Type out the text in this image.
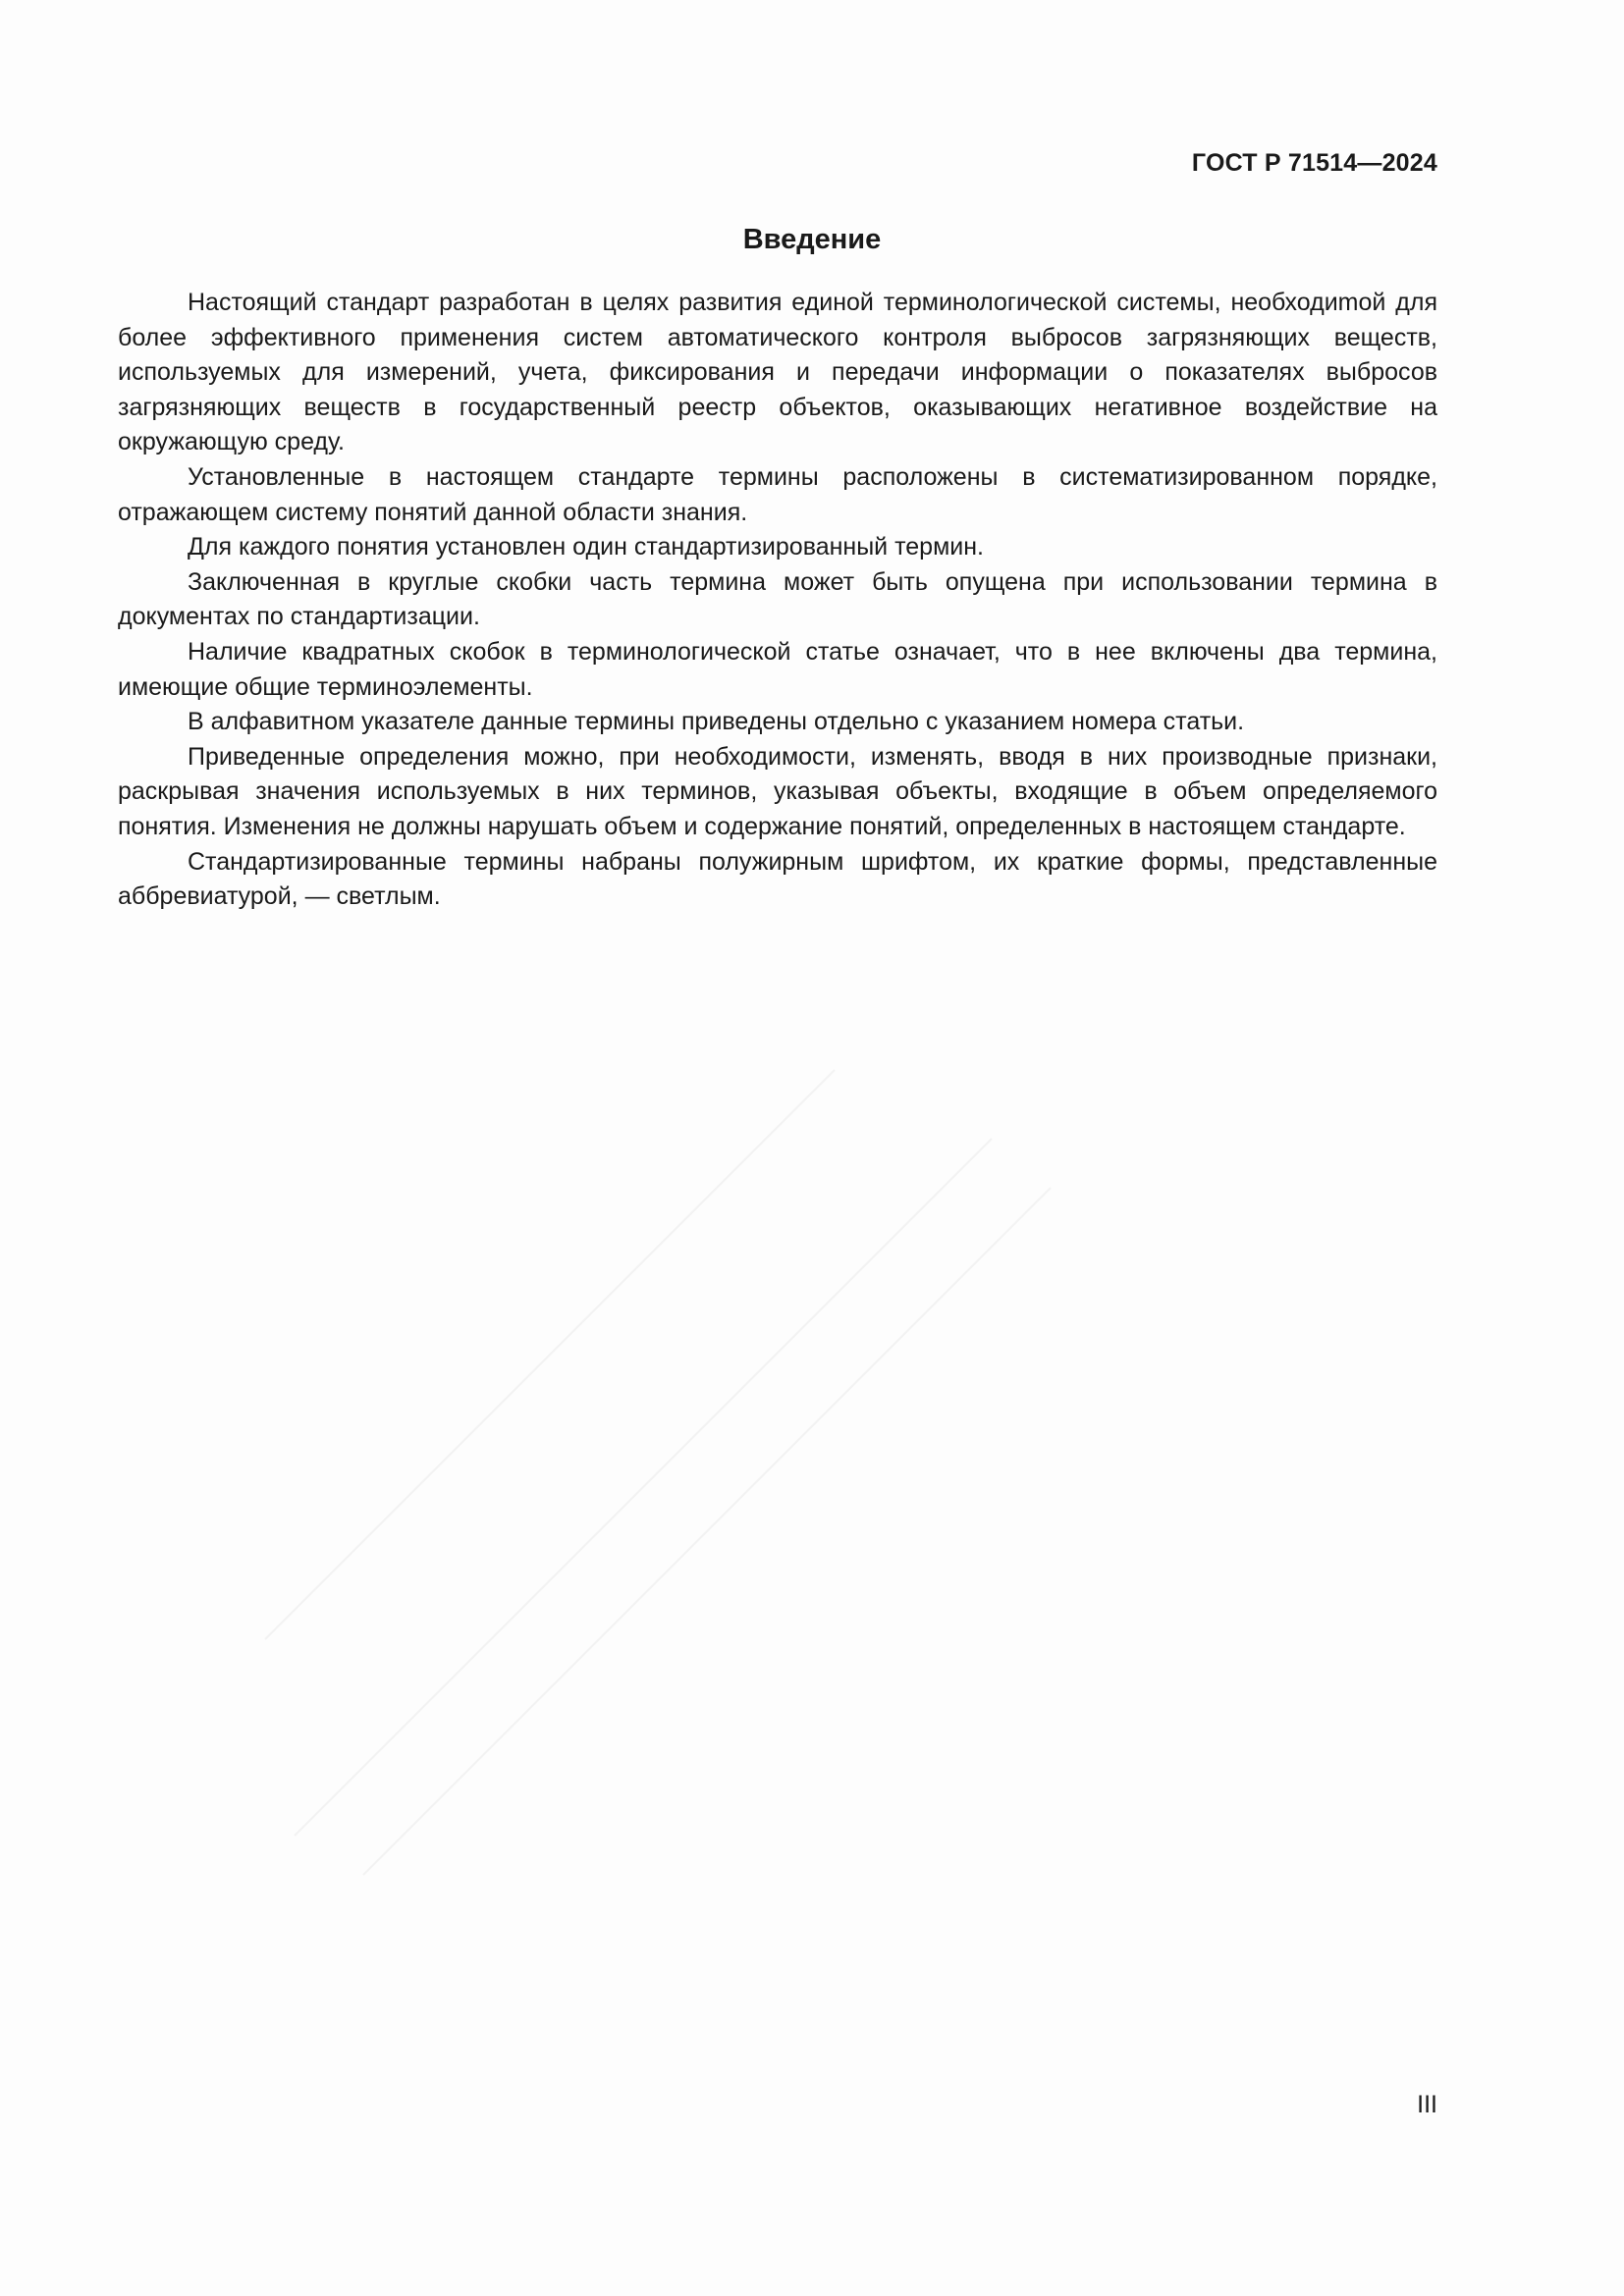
ГОСТ Р 71514—2024
Введение

Настоящий стандарт разработан в целях развития единой терминологической системы, необходиmой для более эффективного применения систем автоматического контроля выбросов загрязняющих веществ, используемых для измерений, учета, фиксирования и передачи информации о показателях выбросов загрязняющих веществ в государственный реестр объектов, оказывающих негативное воздействие на окружающую среду.

Установленные в настоящем стандарте термины расположены в систематизированном порядке, отражающем систему понятий данной области знания.

Для каждого понятия установлен один стандартизированный термин.

Заключенная в круглые скобки часть термина может быть опущена при использовании термина в документах по стандартизации.

Наличие квадратных скобок в терминологической статье означает, что в нее включены два термина, имеющие общие терминоэлементы.

В алфавитном указателе данные термины приведены отдельно с указанием номера статьи.

Приведенные определения можно, при необходимости, изменять, вводя в них производные признаки, раскрывая значения используемых в них терминов, указывая объекты, входящие в объем определяемого понятия. Изменения не должны нарушать объем и содержание понятий, определенных в настоящем стандарте.

Стандартизированные термины набраны полужирным шрифтом, их краткие формы, представленные аббревиатурой, — светлым.

III
